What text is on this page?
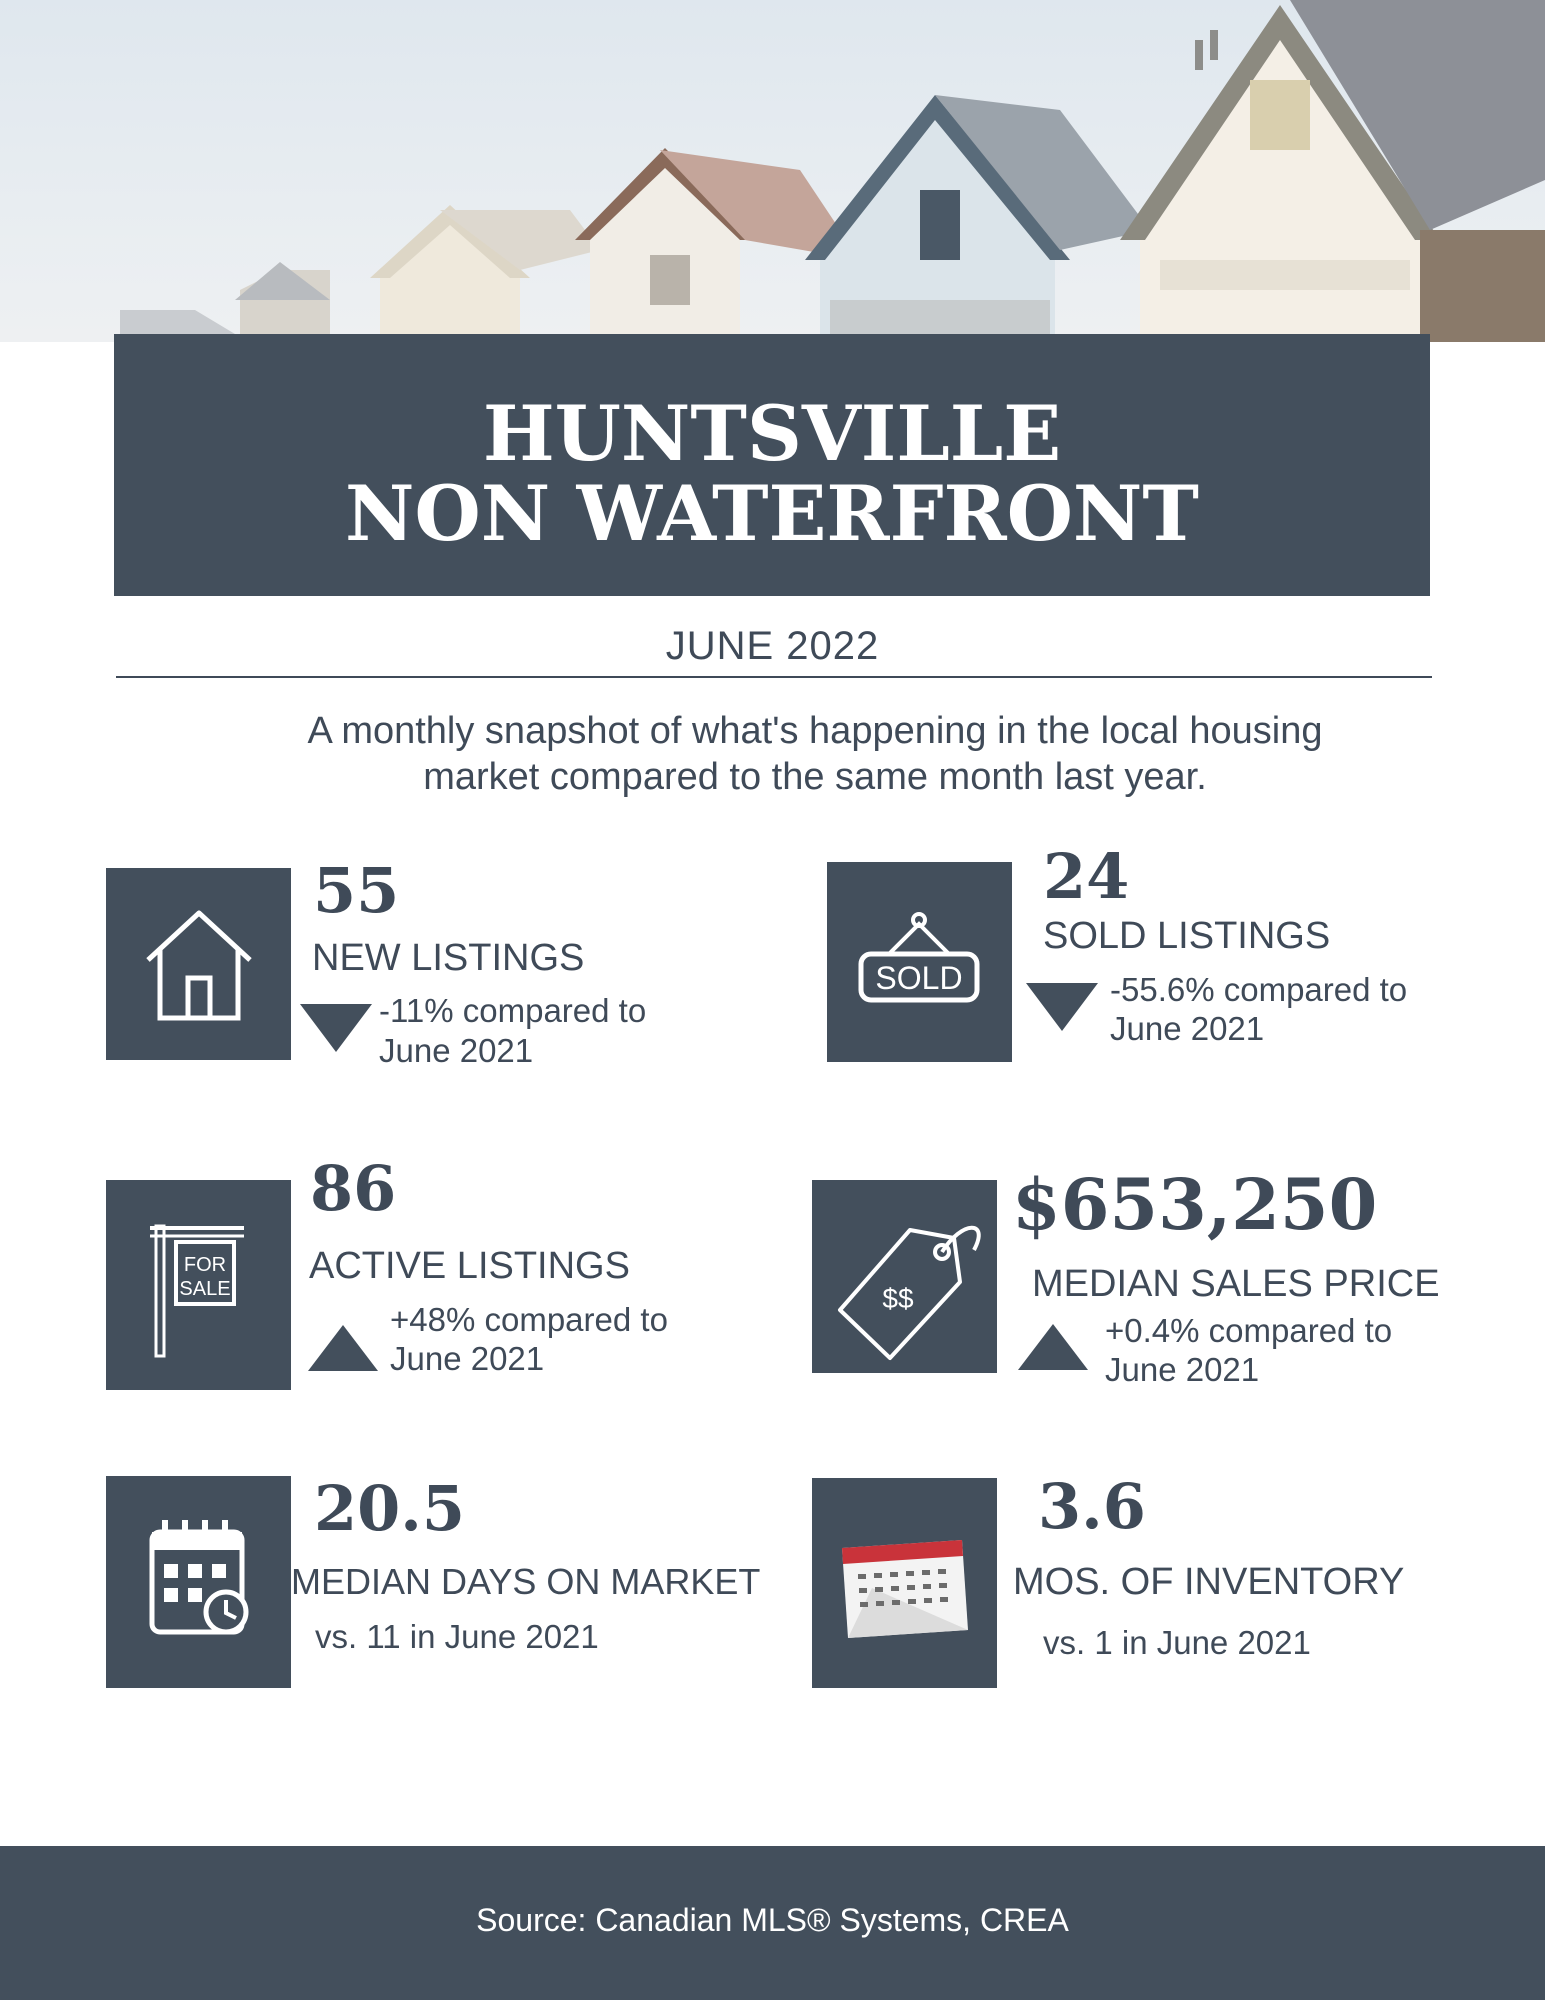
HUNTSVILLE
NON WATERFRONT
JUNE 2022
A monthly snapshot of what's happening in the local housing
market compared to the same month last year.
55
NEW LISTINGS
-11% compared to
June 2021
SOLD
24
SOLD LISTINGS
-55.6% compared to
June 2021
FOR
SALE
86
ACTIVE LISTINGS
+48% compared to
June 2021
$$
$653,250
MEDIAN SALES PRICE
+0.4% compared to
June 2021
20.5
MEDIAN DAYS ON MARKET
vs. 11 in June 2021
3.6
MOS. OF INVENTORY
vs. 1 in June 2021
Source: Canadian MLS® Systems, CREA
